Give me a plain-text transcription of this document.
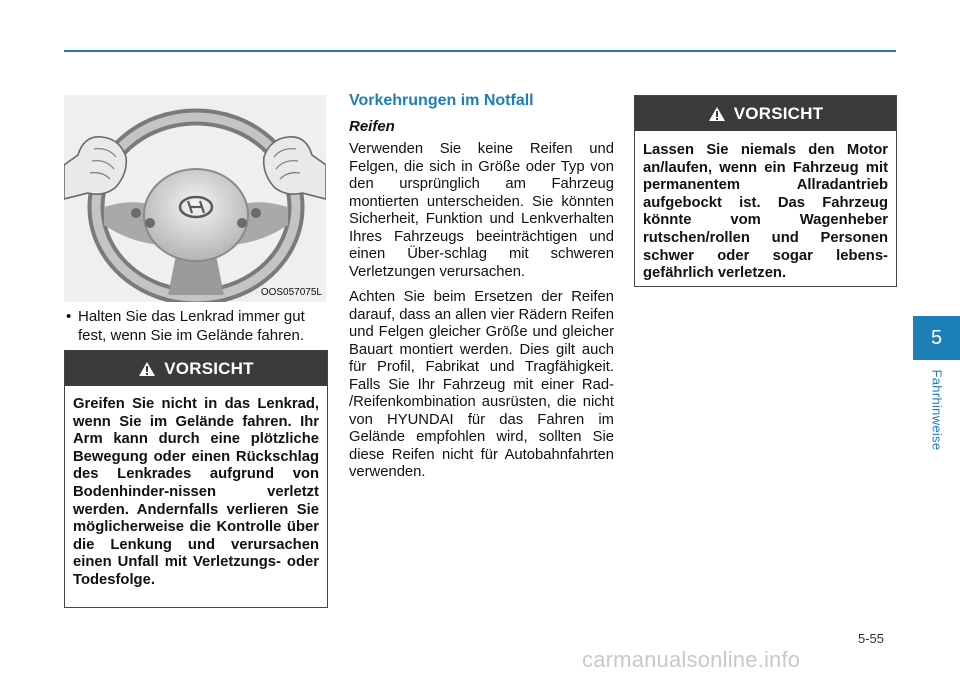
OOS057075L
• Halten Sie das Lenkrad immer gut fest, wenn Sie im Gelände fahren.
VORSICHT
Greifen Sie nicht in das Lenkrad, wenn Sie im Gelände fahren. Ihr Arm kann durch eine plötzliche Bewegung oder einen Rückschlag des Lenkrades aufgrund von Bodenhinder-nissen verletzt werden. Andernfalls verlieren Sie möglicherweise die Kontrolle über die Lenkung und verursachen einen Unfall mit Verletzungs- oder Todesfolge.
Vorkehrungen im Notfall
Reifen

Verwenden Sie keine Reifen und Felgen, die sich in Größe oder Typ von den ursprünglich am Fahrzeug montierten unterscheiden. Sie könnten Sicherheit, Funktion und Lenkverhalten Ihres Fahrzeugs beeinträchtigen und einen Über-schlag mit schweren Verletzungen verursachen.

Achten Sie beim Ersetzen der Reifen darauf, dass an allen vier Rädern Reifen und Felgen gleicher Größe und gleicher Bauart montiert werden. Dies gilt auch für Profil, Fabrikat und Tragfähigkeit. Falls Sie Ihr Fahrzeug mit einer Rad- /Reifenkombination ausrüsten, die nicht von HYUNDAI für das Fahren im Gelände empfohlen wird, sollten Sie diese Reifen nicht für Autobahnfahrten verwenden.

VORSICHT
Lassen Sie niemals den Motor an/laufen, wenn ein Fahrzeug mit permanentem Allradantrieb aufgebockt ist. Das Fahrzeug könnte vom Wagenheber rutschen/rollen und Personen schwer oder sogar lebens-gefährlich verletzen.
5
Fahrhinweise
5-55
carmanualsonline.info
